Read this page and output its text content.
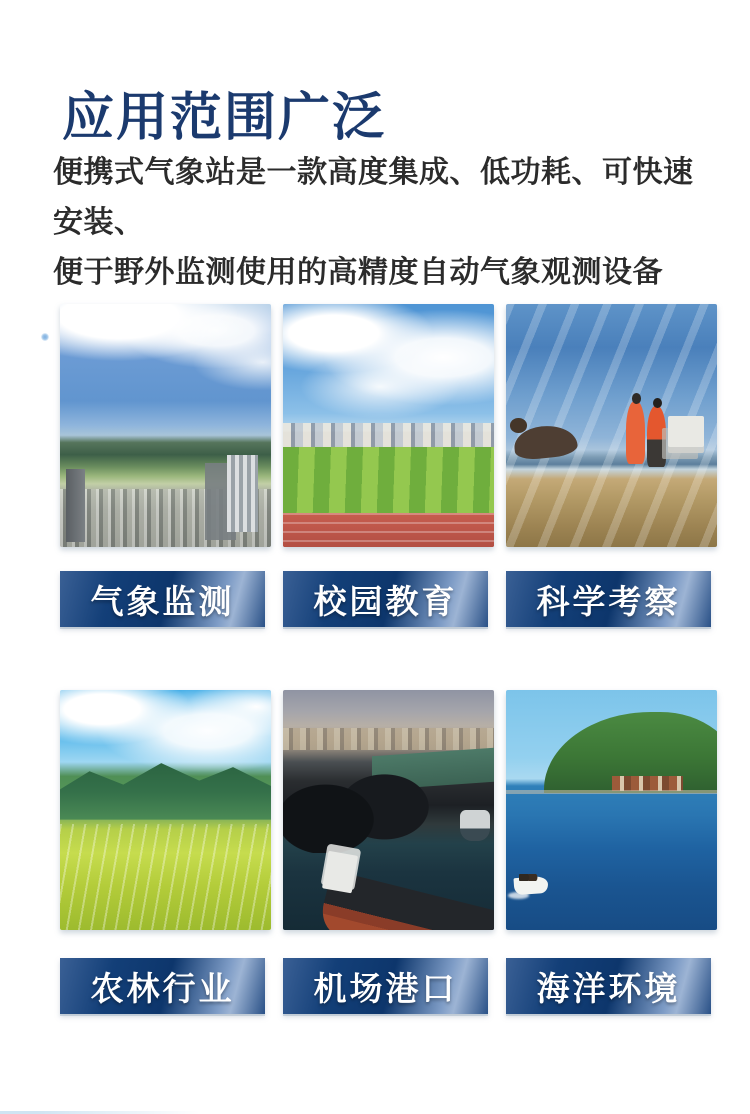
应用范围广泛
便携式气象站是一款高度集成、低功耗、可快速安装、
便于野外监测使用的高精度自动气象观测设备
气象监测 校园教育 科学考察
农林行业 机场港口 海洋环境
